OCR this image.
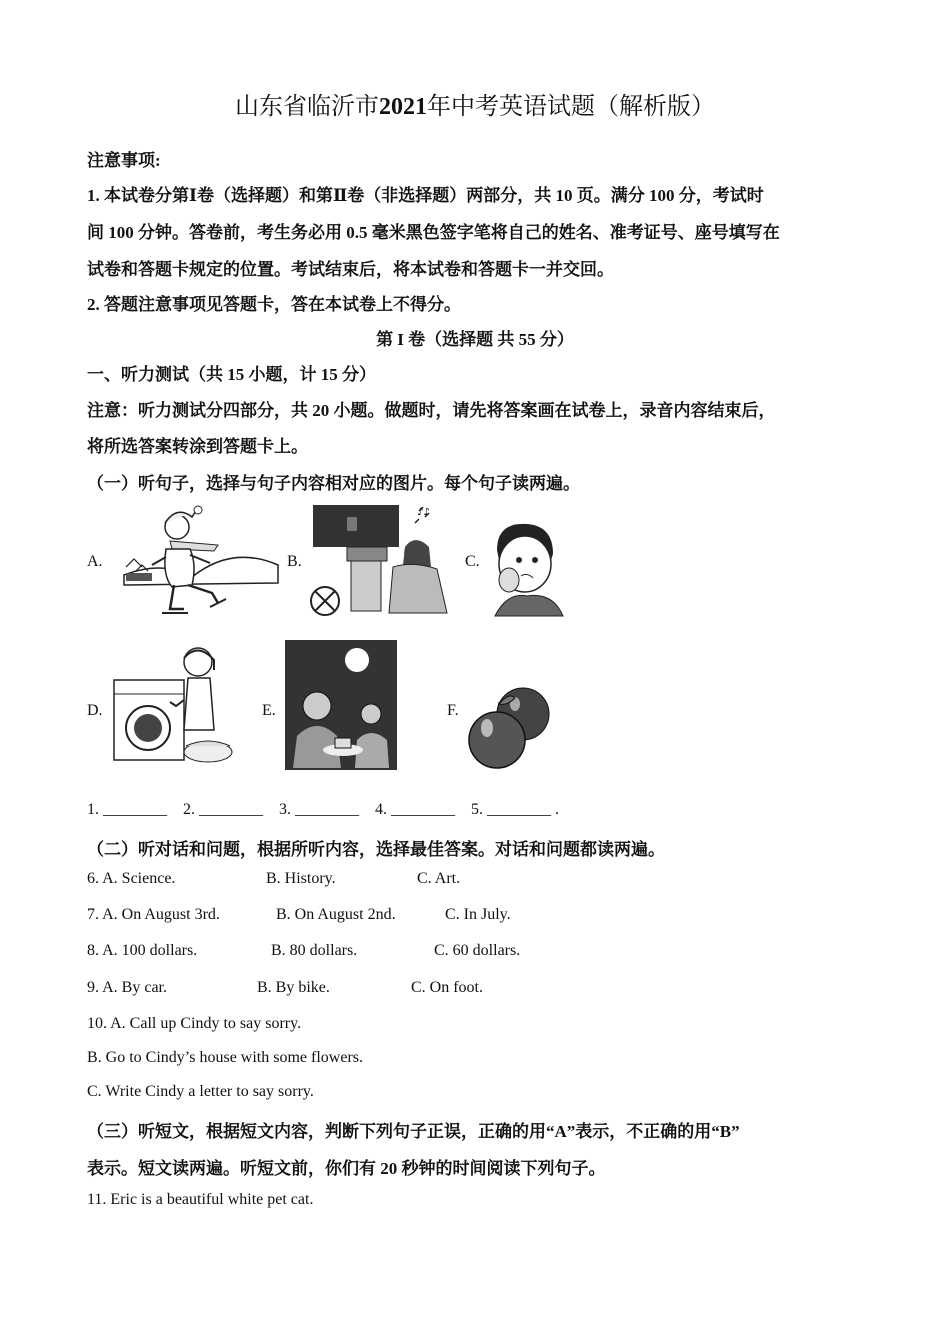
山东省临沂市2021年中考英语试题（解析版）
注意事项:
1. 本试卷分第Ⅰ卷（选择题）和第Ⅱ卷（非选择题）两部分，共 10 页。满分 100 分，考试时
间 100 分钟。答卷前，考生务必用 0.5 毫米黑色签字笔将自己的姓名、准考证号、座号填写在
试卷和答题卡规定的位置。考试结束后，将本试卷和答题卡一并交回。
2. 答题注意事项见答题卡，答在本试卷上不得分。
第 I 卷（选择题 共 55 分）
一、听力测试（共 15 小题，计 15 分）
注意：听力测试分四部分，共 20 小题。做题时，请先将答案画在试卷上，录音内容结束后，
将所选答案转涂到答题卡上。
（一）听句子，选择与句子内容相对应的图片。每个句子读两遍。
A.	B.
♪♪
C.
D.	E.	F.
1. ________    2. ________    3. ________    4. ________    5. ________ .
（二）听对话和问题，根据所听内容，选择最佳答案。对话和问题都读两遍。
6. A. Science.	B. History.	C. Art.
7. A. On August 3rd.	B. On August 2nd.	C. In July.
8. A. 100 dollars.	B. 80 dollars.	C. 60 dollars.
9. A. By car.	B. By bike.	C. On foot.
10. A. Call up Cindy to say sorry.
B. Go to Cindy’s house with some flowers.
C. Write Cindy a letter to say sorry.
（三）听短文，根据短文内容，判断下列句子正误，正确的用“A”表示，不正确的用“B”
表示。短文读两遍。听短文前，你们有 20 秒钟的时间阅读下列句子。
11. Eric is a beautiful white pet cat.
